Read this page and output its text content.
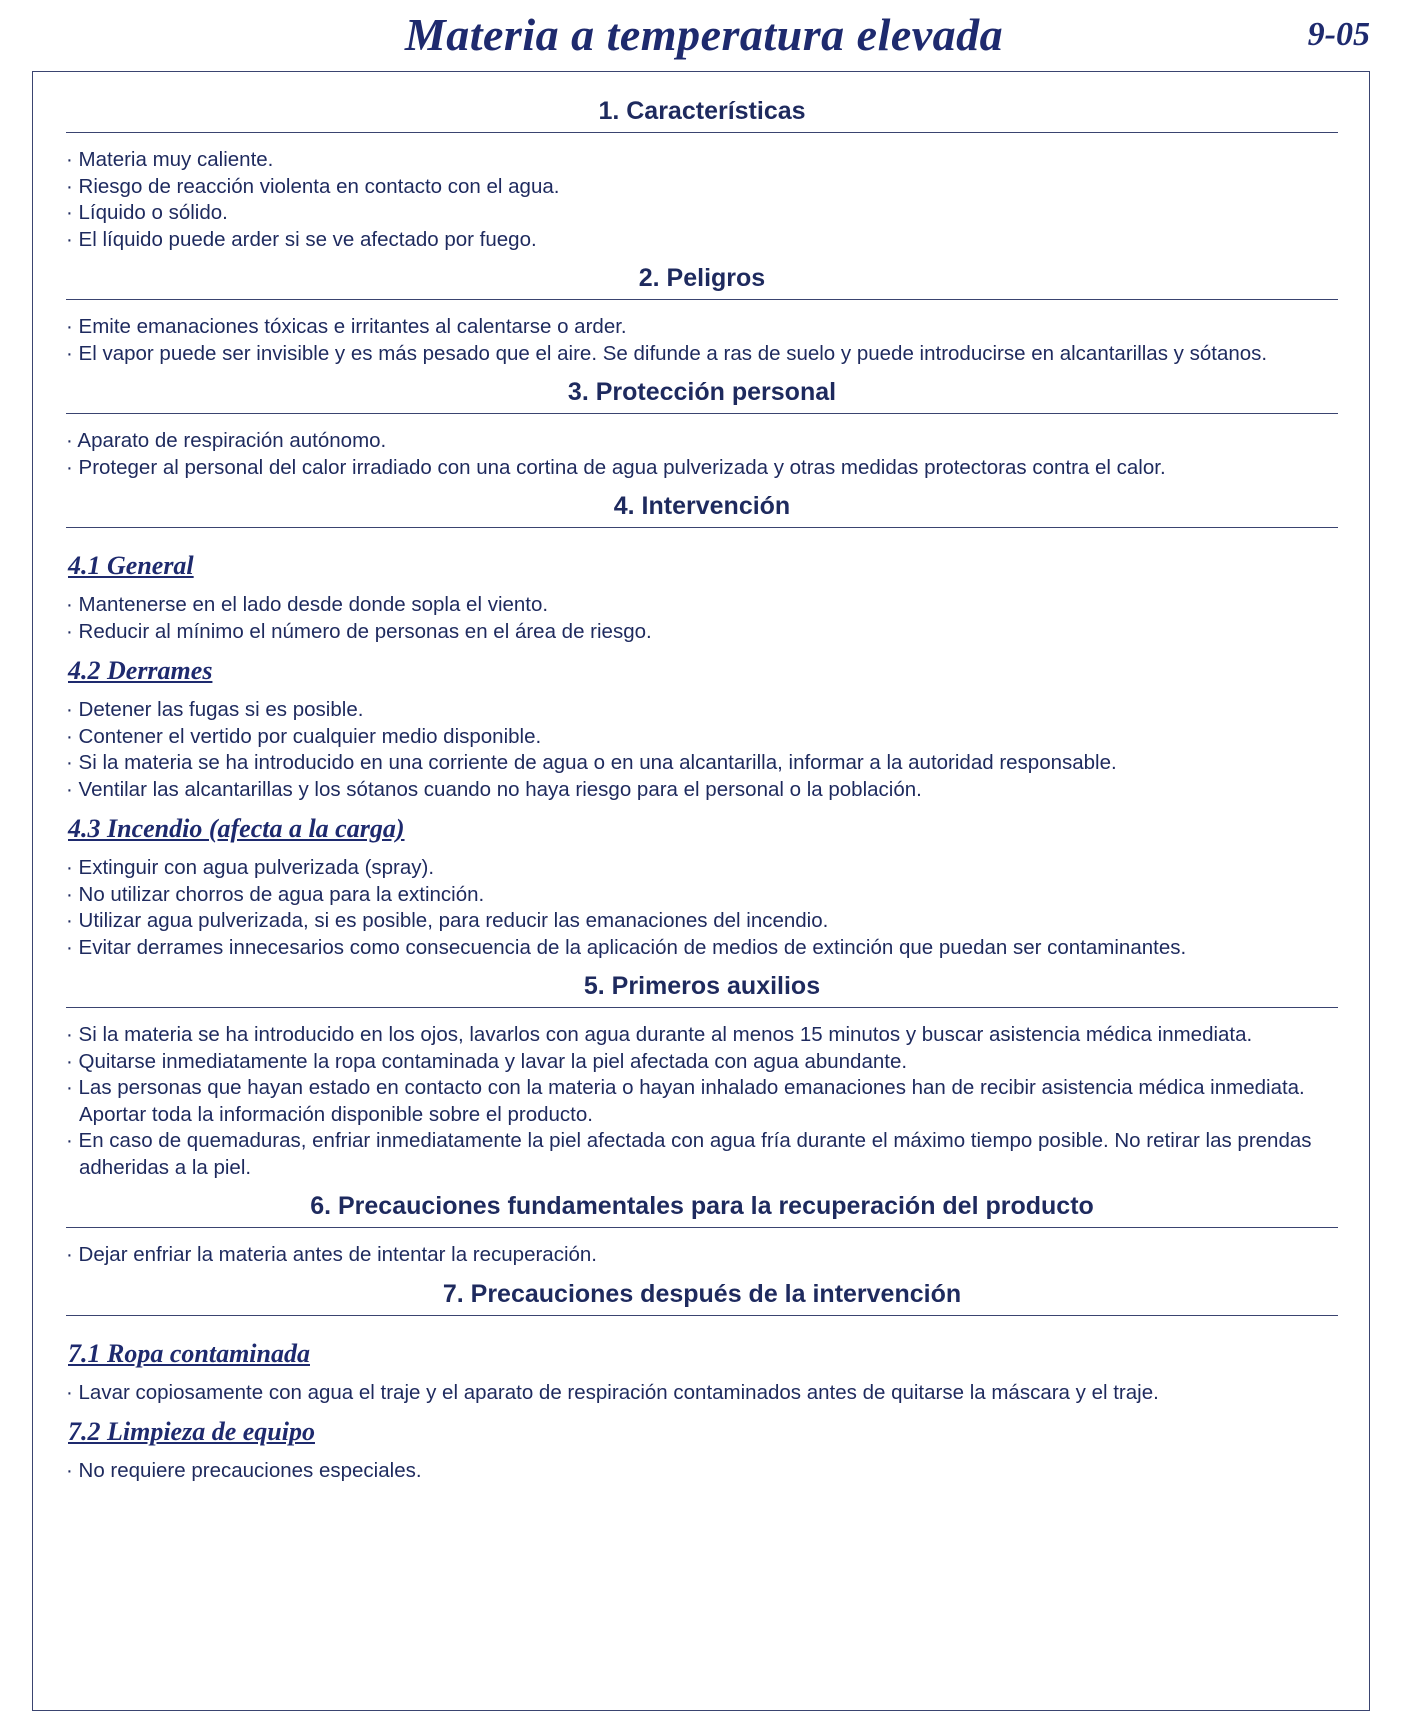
Materia a temperatura elevada	9-05
1. Características
· Materia muy caliente.
· Riesgo de reacción violenta en contacto con el agua.
· Líquido o sólido.
· El líquido puede arder si se ve afectado por fuego.
2. Peligros
· Emite emanaciones tóxicas e irritantes al calentarse o arder.
· El vapor puede ser invisible y es más pesado que el aire. Se difunde a ras de suelo y puede introducirse en alcantarillas y sótanos.
3. Protección personal
· Aparato de respiración autónomo.
· Proteger al personal del calor irradiado con una cortina de agua pulverizada y otras medidas protectoras contra el calor.
4. Intervención
4.1 General
· Mantenerse en el lado desde donde sopla el viento.
· Reducir al mínimo el número de personas en el área de riesgo.
4.2 Derrames
· Detener las fugas si es posible.
· Contener el vertido por cualquier medio disponible.
· Si la materia se ha introducido en una corriente de agua o en una alcantarilla, informar a la autoridad responsable.
· Ventilar las alcantarillas y los sótanos cuando no haya riesgo para el personal o la población.
4.3 Incendio (afecta a la carga)
· Extinguir con agua pulverizada (spray).
· No utilizar chorros de agua para la extinción.
· Utilizar agua pulverizada, si es posible, para reducir las emanaciones del incendio.
· Evitar derrames innecesarios como consecuencia de la aplicación de medios de extinción que puedan ser contaminantes.
5. Primeros auxilios
· Si la materia se ha introducido en los ojos, lavarlos con agua durante al menos 15 minutos y buscar asistencia médica inmediata.
· Quitarse inmediatamente la ropa contaminada y lavar la piel afectada con agua abundante.
· Las personas que hayan estado en contacto con la materia o hayan inhalado emanaciones han de recibir asistencia médica inmediata. Aportar toda la información disponible sobre el producto.
· En caso de quemaduras, enfriar inmediatamente la piel afectada con agua fría durante el máximo tiempo posible. No retirar las prendas adheridas a la piel.
6. Precauciones fundamentales para la recuperación del producto
· Dejar enfriar la materia antes de intentar la recuperación.
7. Precauciones después de la intervención
7.1 Ropa contaminada
· Lavar copiosamente con agua el traje y el aparato de respiración contaminados antes de quitarse la máscara y el traje.
7.2 Limpieza de equipo
· No requiere precauciones especiales.
